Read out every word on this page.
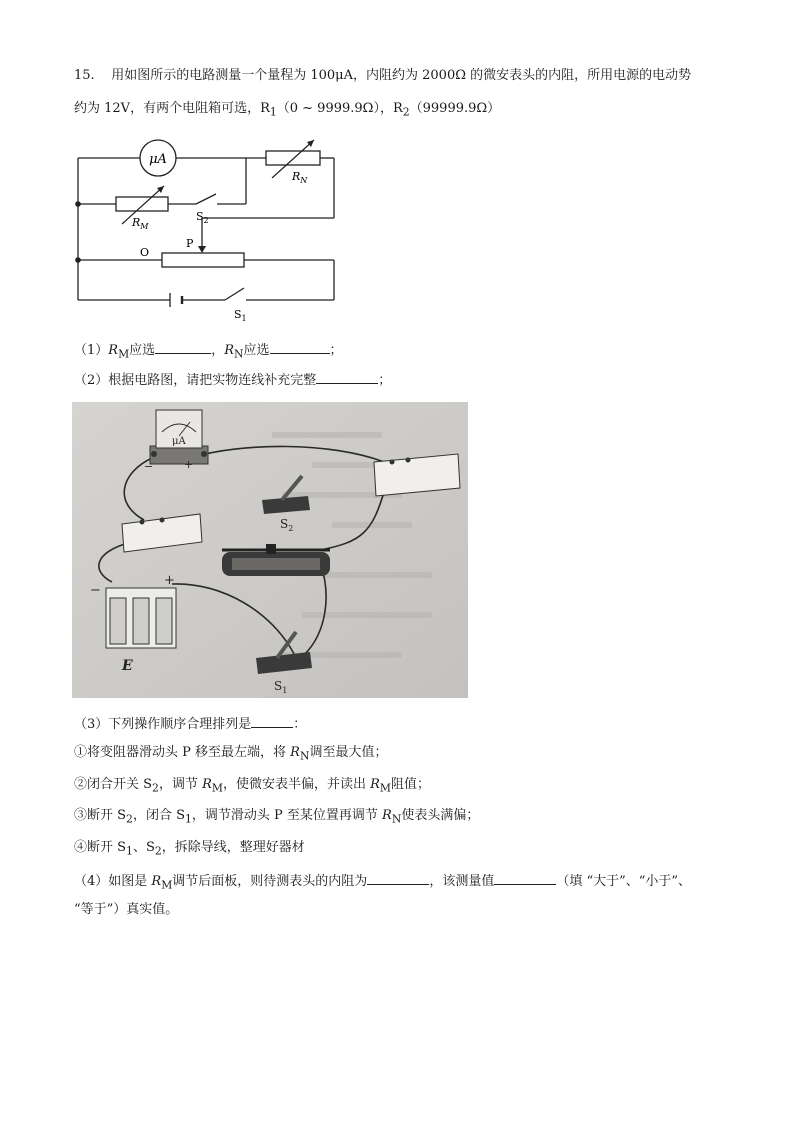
15. 用如图所示的电路测量一个量程为 100μA，内阻约为 2000Ω 的微安表头的内阻，所用电源的电动势
约为 12V，有两个电阻箱可选，$R_1(0$ ~ 9999.9Ω），$R_2(99999.9\Omega)$
μA
$R_N$
$R_M$
$S_2$
O
P
$S_1$
$(1)R_M$应选	，$R_N$应选	；
（2）根据电路图，请把实物连线补充完整	；
μA
−	+
$S_2$
−
+
E
$S_1$
（3）下列操作顺序合理排列是	：
①将变阻器滑动头 P 移至最左端，将 $R_N$调至最大值；
②闭合开关 $S_2$，调节 $R_M$，使微安表半偏，并读出 $R_M$阻值；
③断开 $S_2$，闭合 $S_1$，调节滑动头 P 至某位置再调节 $R_N$使表头满偏；
④断开 $S_1$、$S_2$，拆除导线，整理好器材
（4）如图是 $R_M$调节后面板，则待测表头的内阻为	，该测量值	（填 “大于”、“小于”、
“等于”）真实值。
